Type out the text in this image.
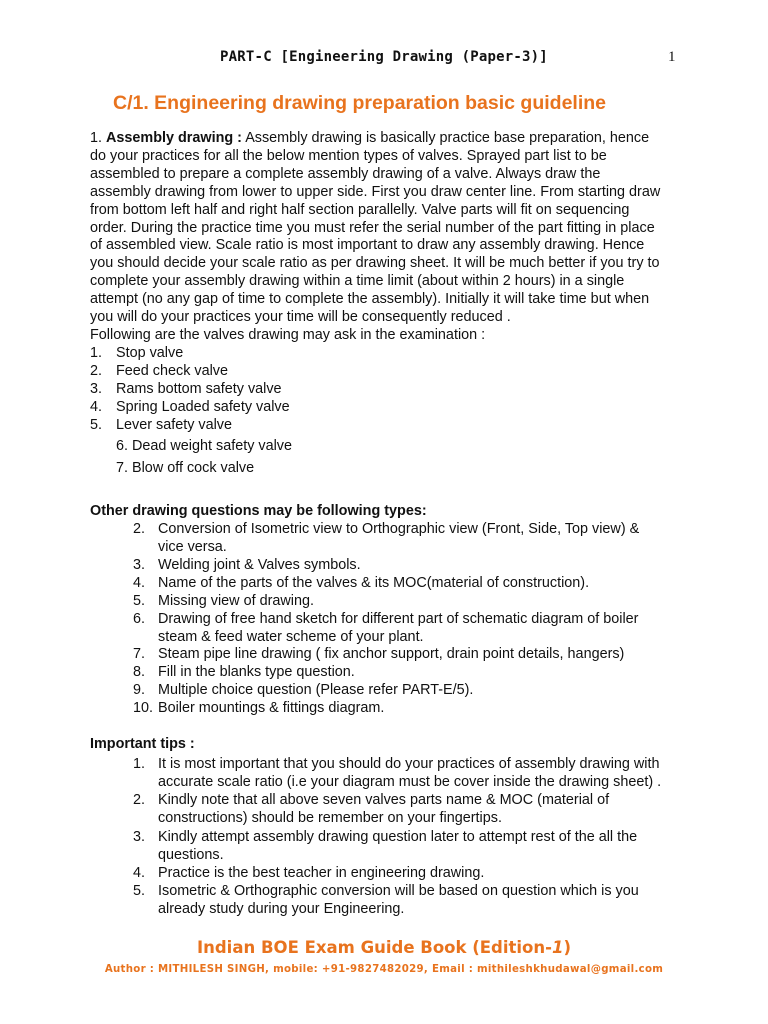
PART-C [Engineering Drawing (Paper-3)]	1
C/1. Engineering drawing preparation basic guideline

1. Assembly drawing : Assembly drawing is basically practice base preparation, hence do your practices for all the below mention types of valves. Sprayed part list to be assembled to prepare a complete assembly drawing of a valve. Always draw the assembly drawing from lower to upper side. First you draw center line. From starting draw from bottom left half and right half section parallelly. Valve parts will fit on sequencing order. During the practice time you must refer the serial number of the part fitting in place of assembled view. Scale ratio is most important to draw any assembly drawing. Hence you should decide your scale ratio as per drawing sheet. It will be much better if you try to complete your assembly drawing within a time limit (about within 2 hours) in a single attempt (no any gap of time to complete the assembly). Initially it will take time but when you will do your practices your time will be consequently reduced .

Following are the valves drawing may ask in the examination :

1. Stop valve
2. Feed check valve
3. Rams bottom safety valve
4. Spring Loaded safety valve
5. Lever safety valve
6. Dead weight safety valve
7. Blow off cock valve

Other drawing questions may be following types:

2. Conversion of Isometric view to Orthographic view (Front, Side, Top view) & vice versa.
3. Welding joint & Valves symbols.
4. Name of the parts of the valves & its MOC(material of construction).
5. Missing view of drawing.
6. Drawing of free hand sketch for different part of schematic diagram of boiler steam & feed water scheme of your plant.
7. Steam pipe line drawing ( fix anchor support, drain point details, hangers)
8. Fill in the blanks type question.
9. Multiple choice question (Please refer PART-E/5).
10. Boiler mountings & fittings diagram.

Important tips :

1. It is most important that you should do your practices of assembly drawing with accurate scale ratio (i.e your diagram must be cover inside the drawing sheet) .
2. Kindly note that all above seven valves parts name & MOC (material of constructions) should be remember on your fingertips.
3. Kindly attempt assembly drawing question later to attempt rest of the all the questions.
4. Practice is the best teacher in engineering drawing.
5. Isometric & Orthographic conversion will be based on question which is you already study during your Engineering.
Indian BOE Exam Guide Book (Edition-1)
Author : MITHILESH SINGH, mobile: +91-9827482029, Email : mithileshkhudawal@gmail.com
